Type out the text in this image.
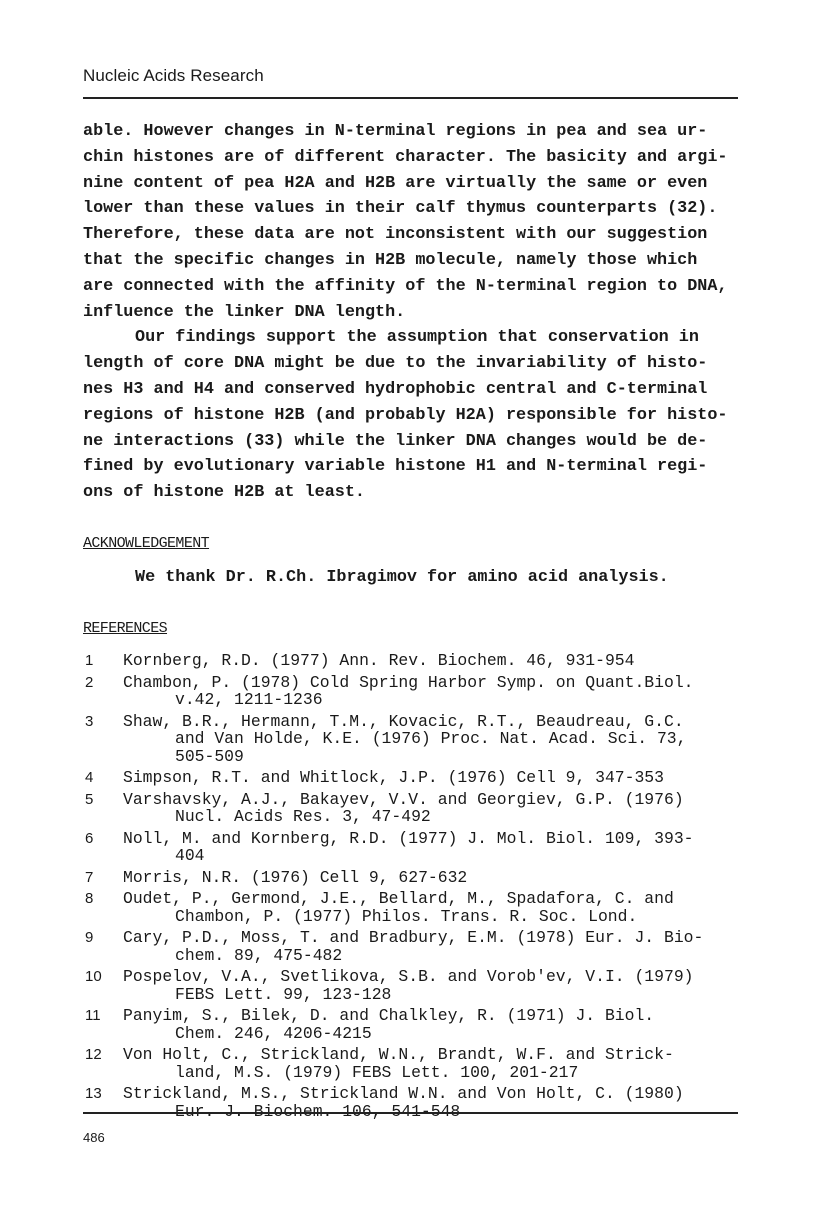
Nucleic Acids Research
able. However changes in N-terminal regions in pea and sea ur-
chin histones are of different character. The basicity and argi-
nine content of pea H2A and H2B are virtually the same or even
lower than these values in their calf thymus counterparts (32).
Therefore, these data are not inconsistent with our suggestion
that the specific changes in H2B molecule, namely those which
are connected with the affinity of the N-terminal region to DNA,
influence the linker DNA length.
Our findings support the assumption that conservation in
length of core DNA might be due to the invariability of histo-
nes H3 and H4 and conserved hydrophobic central and C-terminal
regions of histone H2B (and probably H2A) responsible for histo-
ne interactions (33) while the linker DNA changes would be de-
fined by evolutionary variable histone H1 and N-terminal regi-
ons of histone H2B at least.
ACKNOWLEDGEMENT
We thank Dr. R.Ch. Ibragimov for amino acid analysis.
REFERENCES
1 Kornberg, R.D. (1977) Ann. Rev. Biochem. 46, 931-954
2 Chambon, P. (1978) Cold Spring Harbor Symp. on Quant.Biol.
v.42, 1211-1236
3 Shaw, B.R., Hermann, T.M., Kovacic, R.T., Beaudreau, G.C.
and Van Holde, K.E. (1976) Proc. Nat. Acad. Sci. 73,
505-509
4 Simpson, R.T. and Whitlock, J.P. (1976) Cell 9, 347-353
5 Varshavsky, A.J., Bakayev, V.V. and Georgiev, G.P. (1976)
Nucl. Acids Res. 3, 47-492
6 Noll, M. and Kornberg, R.D. (1977) J. Mol. Biol. 109, 393-
404
7 Morris, N.R. (1976) Cell 9, 627-632
8 Oudet, P., Germond, J.E., Bellard, M., Spadafora, C. and
Chambon, P. (1977) Philos. Trans. R. Soc. Lond.
9 Cary, P.D., Moss, T. and Bradbury, E.M. (1978) Eur. J. Bio-
chem. 89, 475-482
10 Pospelov, V.A., Svetlikova, S.B. and Vorob'ev, V.I. (1979)
FEBS Lett. 99, 123-128
11 Panyim, S., Bilek, D. and Chalkley, R. (1971) J. Biol.
Chem. 246, 4206-4215
12 Von Holt, C., Strickland, W.N., Brandt, W.F. and Strick-
land, M.S. (1979) FEBS Lett. 100, 201-217
13 Strickland, M.S., Strickland W.N. and Von Holt, C. (1980)
Eur. J. Biochem. 106, 541-548
486
